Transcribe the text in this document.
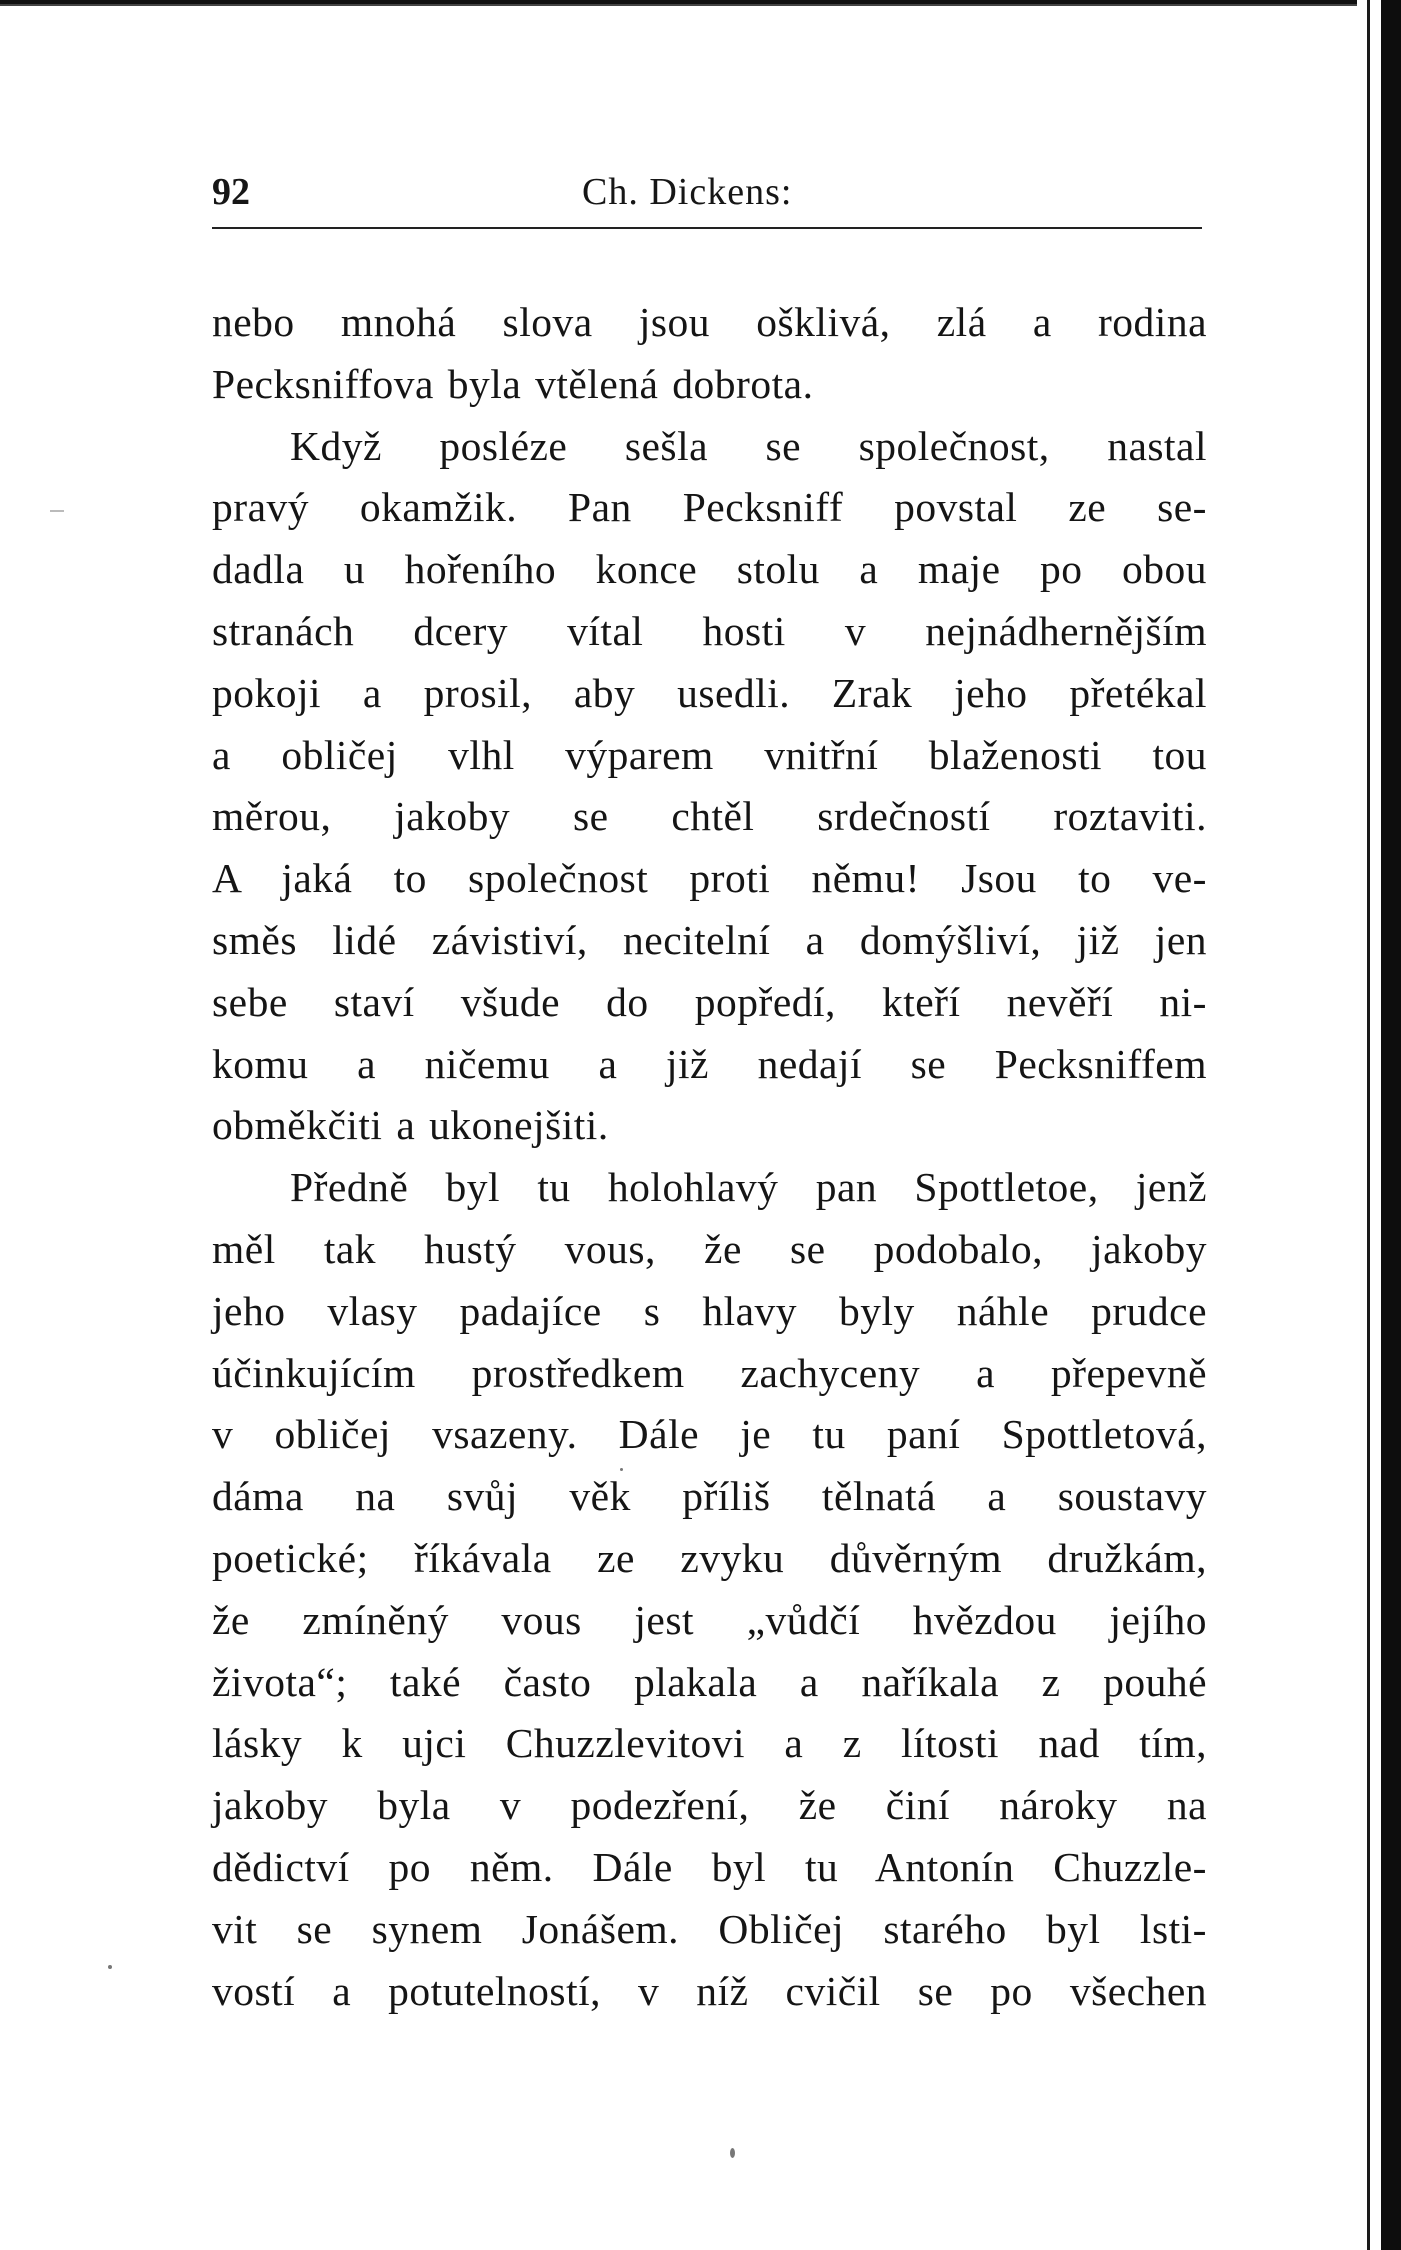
92	Ch. Dickens:
nebo mnohá slova jsou ošklivá, zlá a rodina
Pecksniffova byla vtělená dobrota.
Když posléze sešla se společnost, nastal
pravý okamžik. Pan Pecksniff povstal ze se-
dadla u hořeního konce stolu a maje po obou
stranách dcery vítal hosti v nejnádhernějším
pokoji a prosil, aby usedli. Zrak jeho přetékal
a obličej vlhl výparem vnitřní blaženosti tou
měrou, jakoby se chtěl srdečností roztaviti.
A jaká to společnost proti němu! Jsou to ve-
směs lidé závistiví, necitelní a domýšliví, již jen
sebe staví všude do popředí, kteří nevěří ni-
komu a ničemu a již nedají se Pecksniffem
obměkčiti a ukonejšiti.
Předně byl tu holohlavý pan Spottletoe, jenž
měl tak hustý vous, že se podobalo, jakoby
jeho vlasy padajíce s hlavy byly náhle prudce
účinkujícím prostředkem zachyceny a přepevně
v obličej vsazeny. Dále je tu paní Spottletová,
dáma na svůj věk příliš tělnatá a soustavy
poetické; říkávala ze zvyku důvěrným družkám,
že zmíněný vous jest „vůdčí hvězdou jejího
života“; také často plakala a naříkala z pouhé
lásky k ujci Chuzzlevitovi a z lítosti nad tím,
jakoby byla v podezření, že činí nároky na
dědictví po něm. Dále byl tu Antonín Chuzzle-
vit se synem Jonášem. Obličej starého byl lsti-
vostí a potutelností, v níž cvičil se po všechen
